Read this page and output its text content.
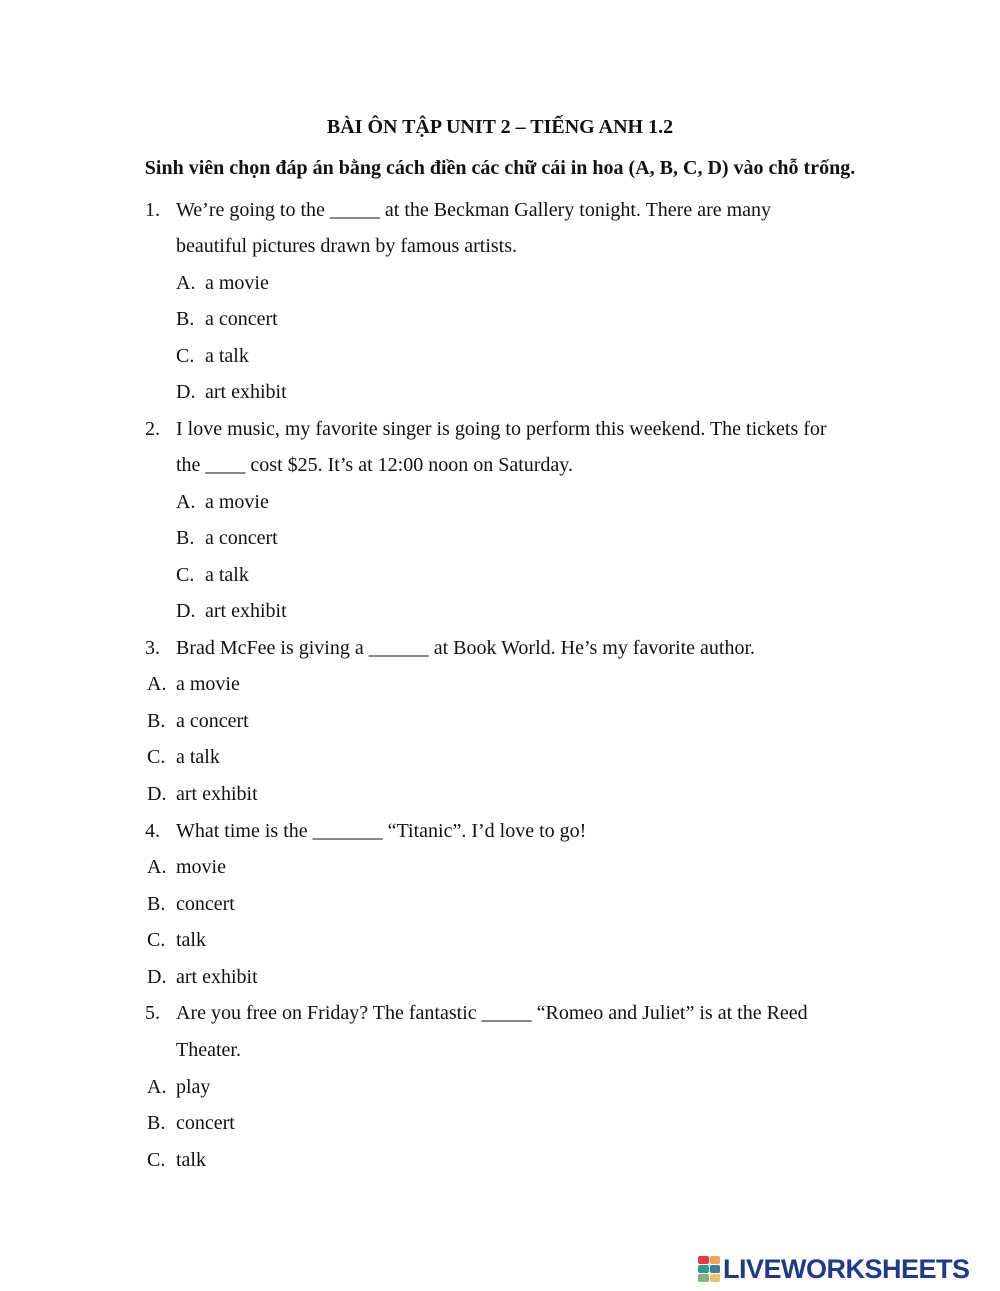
BÀI ÔN TẬP UNIT 2 – TIẾNG ANH 1.2
Sinh viên chọn đáp án bằng cách điền các chữ cái in hoa (A, B, C, D) vào chỗ trống.
1. We’re going to the _____ at the Beckman Gallery tonight. There are many
beautiful pictures drawn by famous artists.
A. a movie
B. a concert
C. a talk
D. art exhibit
2. I love music, my favorite singer is going to perform this weekend. The tickets for
the ____ cost $25. It’s at 12:00 noon on Saturday.
A. a movie
B. a concert
C. a talk
D. art exhibit
3. Brad McFee is giving a ______ at Book World. He’s my favorite author.
A. a movie
B. a concert
C. a talk
D. art exhibit
4. What time is the _______ “Titanic”. I’d love to go!
A. movie
B. concert
C. talk
D. art exhibit
5. Are you free on Friday? The fantastic _____ “Romeo and Juliet” is at the Reed
Theater.
A. play
B. concert
C. talk
LIVEWORKSHEETS
